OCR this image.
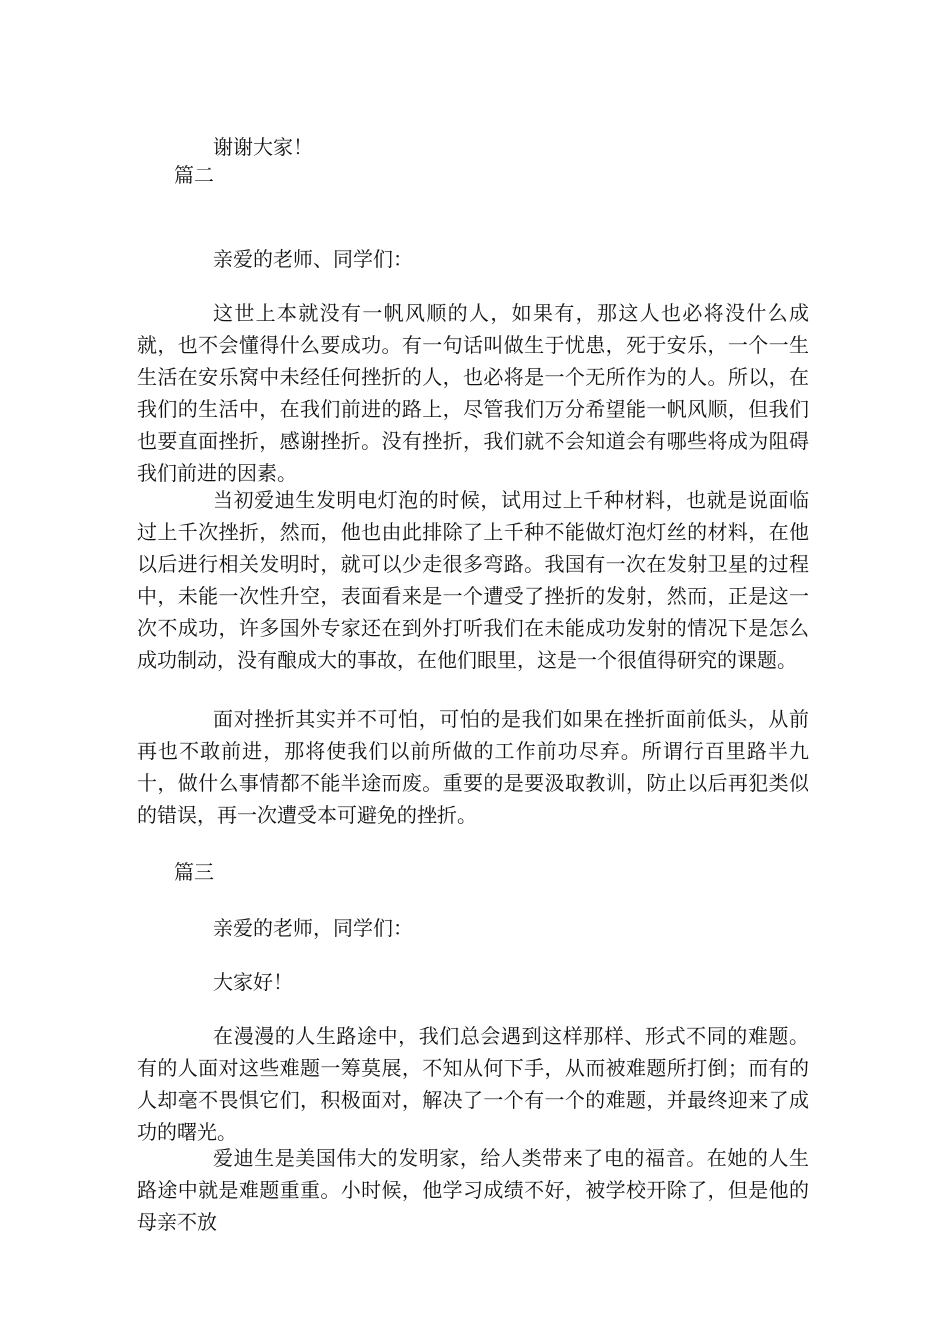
谢谢大家！

篇二

亲爱的老师、同学们：

这世上本就没有一帆风顺的人，如果有，那这人也必将没什么成就，也不会懂得什么要成功。有一句话叫做生于忧患，死于安乐，一个一生生活在安乐窝中未经任何挫折的人，也必将是一个无所作为的人。所以，在我们的生活中，在我们前进的路上，尽管我们万分希望能一帆风顺，但我们也要直面挫折，感谢挫折。没有挫折，我们就不会知道会有哪些将成为阻碍我们前进的因素。

当初爱迪生发明电灯泡的时候，试用过上千种材料，也就是说面临过上千次挫折，然而，他也由此排除了上千种不能做灯泡灯丝的材料，在他以后进行相关发明时，就可以少走很多弯路。我国有一次在发射卫星的过程中，未能一次性升空，表面看来是一个遭受了挫折的发射，然而，正是这一次不成功，许多国外专家还在到外打听我们在未能成功发射的情况下是怎么成功制动，没有酿成大的事故，在他们眼里，这是一个很值得研究的课题。

面对挫折其实并不可怕，可怕的是我们如果在挫折面前低头，从前再也不敢前进，那将使我们以前所做的工作前功尽弃。所谓行百里路半九十，做什么事情都不能半途而废。重要的是要汲取教训，防止以后再犯类似的错误，再一次遭受本可避免的挫折。

篇三

亲爱的老师，同学们：

大家好！

在漫漫的人生路途中，我们总会遇到这样那样、形式不同的难题。有的人面对这些难题一筹莫展，不知从何下手，从而被难题所打倒；而有的人却毫不畏惧它们，积极面对，解决了一个有一个的难题，并最终迎来了成功的曙光。

爱迪生是美国伟大的发明家，给人类带来了电的福音。在她的人生路途中就是难题重重。小时候，他学习成绩不好，被学校开除了，但是他的母亲不放
